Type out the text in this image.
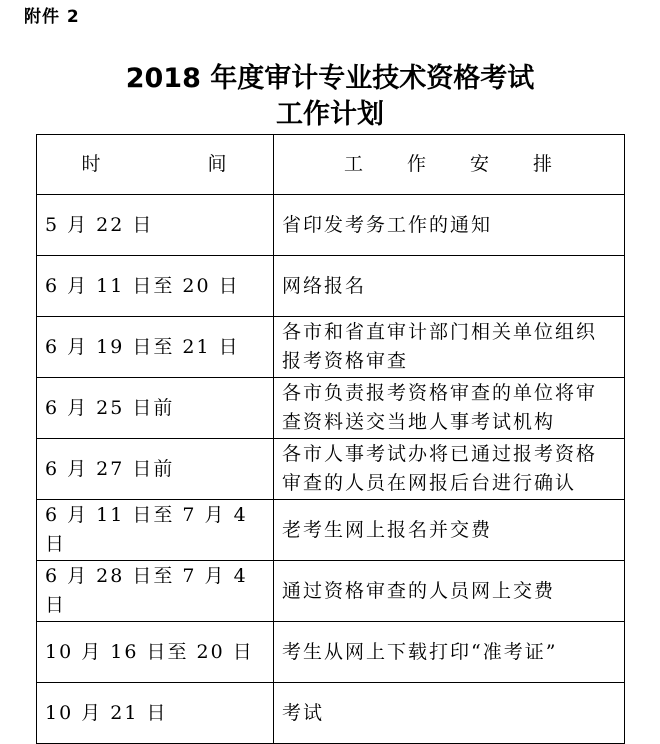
附件 2
2018 年度审计专业技术资格考试
工作计划
时　　　　　间	工　　作　　安　　排
5 月 22 日	省印发考务工作的通知
6 月 11 日至 20 日	网络报名
6 月 19 日至 21 日	各市和省直审计部门相关单位组织报考资格审查
6 月 25 日前	各市负责报考资格审查的单位将审查资料送交当地人事考试机构
6 月 27 日前	各市人事考试办将已通过报考资格审查的人员在网报后台进行确认
6 月 11 日至 7 月 4 日	老考生网上报名并交费
6 月 28 日至 7 月 4 日	通过资格审查的人员网上交费
10 月 16 日至 20 日	考生从网上下载打印“准考证”
10 月 21 日	考试
